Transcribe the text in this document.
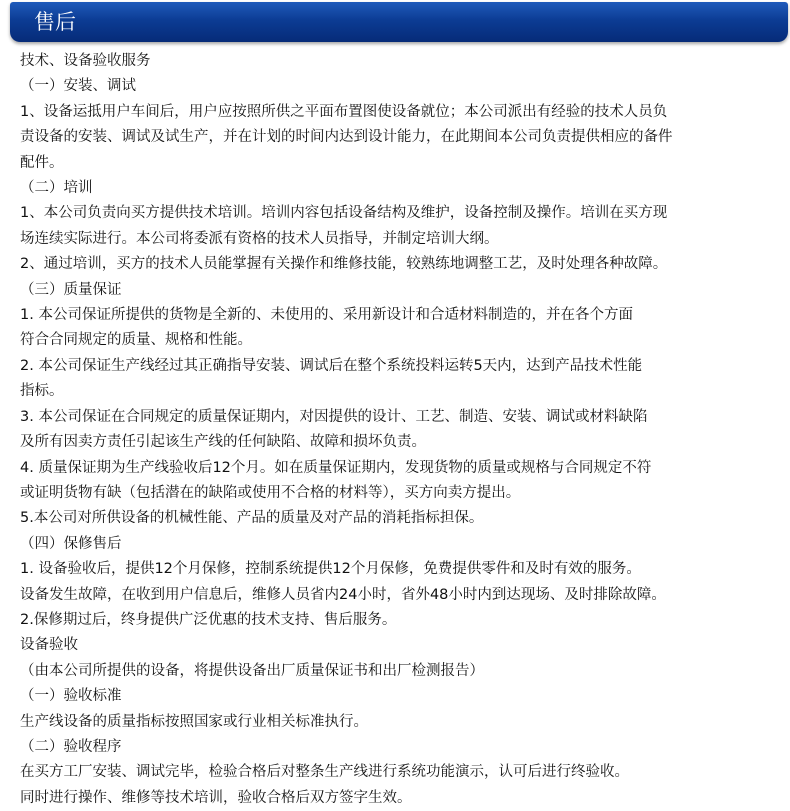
售后
技术、设备验收服务
（一）安装、调试
1、设备运抵用户车间后，用户应按照所供之平面布置图使设备就位；本公司派出有经验的技术人员负
责设备的安装、调试及试生产，并在计划的时间内达到设计能力，在此期间本公司负责提供相应的备件
配件。
（二）培训
1、本公司负责向买方提供技术培训。培训内容包括设备结构及维护，设备控制及操作。培训在买方现
场连续实际进行。本公司将委派有资格的技术人员指导，并制定培训大纲。
2、通过培训，买方的技术人员能掌握有关操作和维修技能，较熟练地调整工艺，及时处理各种故障。
（三）质量保证
1. 本公司保证所提供的货物是全新的、未使用的、采用新设计和合适材料制造的，并在各个方面
符合合同规定的质量、规格和性能。
2. 本公司保证生产线经过其正确指导安装、调试后在整个系统投料运转5天内，达到产品技术性能
指标。
3. 本公司保证在合同规定的质量保证期内，对因提供的设计、工艺、制造、安装、调试或材料缺陷
及所有因卖方责任引起该生产线的任何缺陷、故障和损坏负责。
4. 质量保证期为生产线验收后12个月。如在质量保证期内，发现货物的质量或规格与合同规定不符
或证明货物有缺（包括潜在的缺陷或使用不合格的材料等），买方向卖方提出。
5.本公司对所供设备的机械性能、产品的质量及对产品的消耗指标担保。
（四）保修售后
1. 设备验收后，提供12个月保修，控制系统提供12个月保修，免费提供零件和及时有效的服务。
设备发生故障，在收到用户信息后，维修人员省内24小时，省外48小时内到达现场、及时排除故障。
2.保修期过后，终身提供广泛优惠的技术支持、售后服务。
设备验收
（由本公司所提供的设备，将提供设备出厂质量保证书和出厂检测报告）
（一）验收标准
生产线设备的质量指标按照国家或行业相关标准执行。
（二）验收程序
在买方工厂安装、调试完毕，检验合格后对整条生产线进行系统功能演示，认可后进行终验收。
同时进行操作、维修等技术培训，验收合格后双方签字生效。
